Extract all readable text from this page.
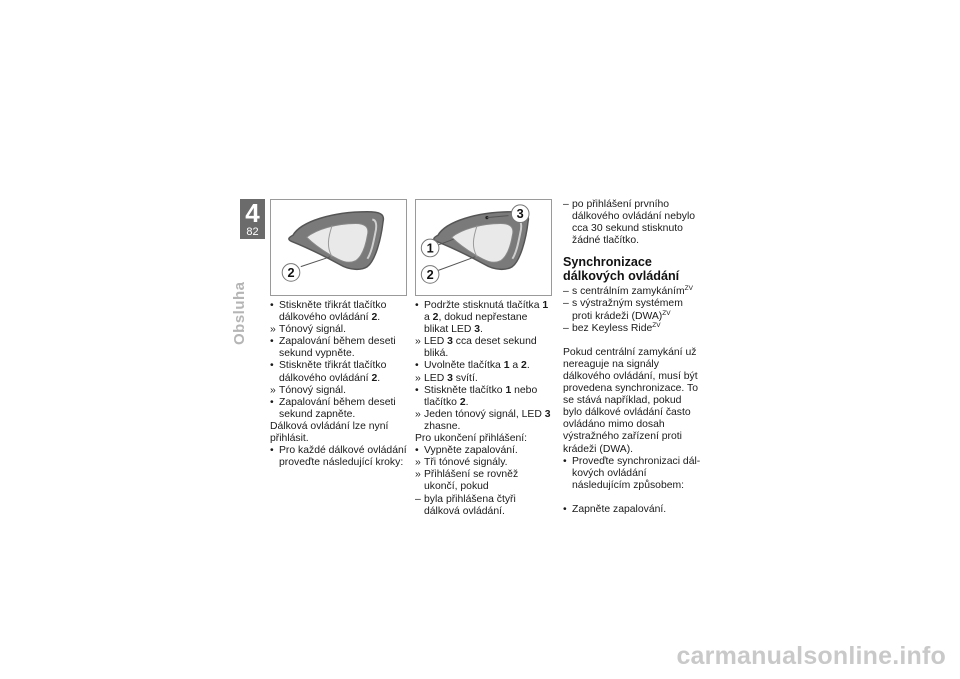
4
82
Obsluha
2
• Stiskněte třikrát tlačítko dálkového ovládání 2.
» Tónový signál.
• Zapalování během deseti sekund vypněte.
• Stiskněte třikrát tlačítko dálkového ovládání 2.
» Tónový signál.
• Zapalování během deseti sekund zapněte.
Dálková ovládání lze nyní přihlásit.
• Pro každé dálkové ovládání proveďte následující kroky:
3
1
2
• Podržte stisknutá tlačítka 1 a 2, dokud nepřestane blikat LED 3.
» LED 3 cca deset sekund bliká.
• Uvolněte tlačítka 1 a 2.
» LED 3 svítí.
• Stiskněte tlačítko 1 nebo tlačítko 2.
» Jeden tónový signál, LED 3 zhasne.
Pro ukončení přihlášení:
• Vypněte zapalování.
» Tři tónové signály.
» Přihlášení se rovněž ukončí, pokud
– byla přihlášena čtyři dálková ovládání.
– po přihlášení prvního dálkového ovládání nebylo cca 30 sekund stisknuto žádné tlačítko.
Synchronizace dálkových ovládání
– s centrálním zamykáním$^{ZV}$
– s výstražným systémem proti krádeži (DWA)$^{ZV}$
– bez Keyless Ride$^{ZV}$
Pokud centrální zamykání už nereaguje na signály dálkového ovládání, musí být provedena synchronizace. To se stává například, pokud bylo dálkové ovládání často ovládáno mimo dosah výstražného zařízení proti krádeži (DWA).
• Proveďte synchronizaci dálkových ovládání následujícím způsobem:
• Zapněte zapalování.
carmanualsonline.info
